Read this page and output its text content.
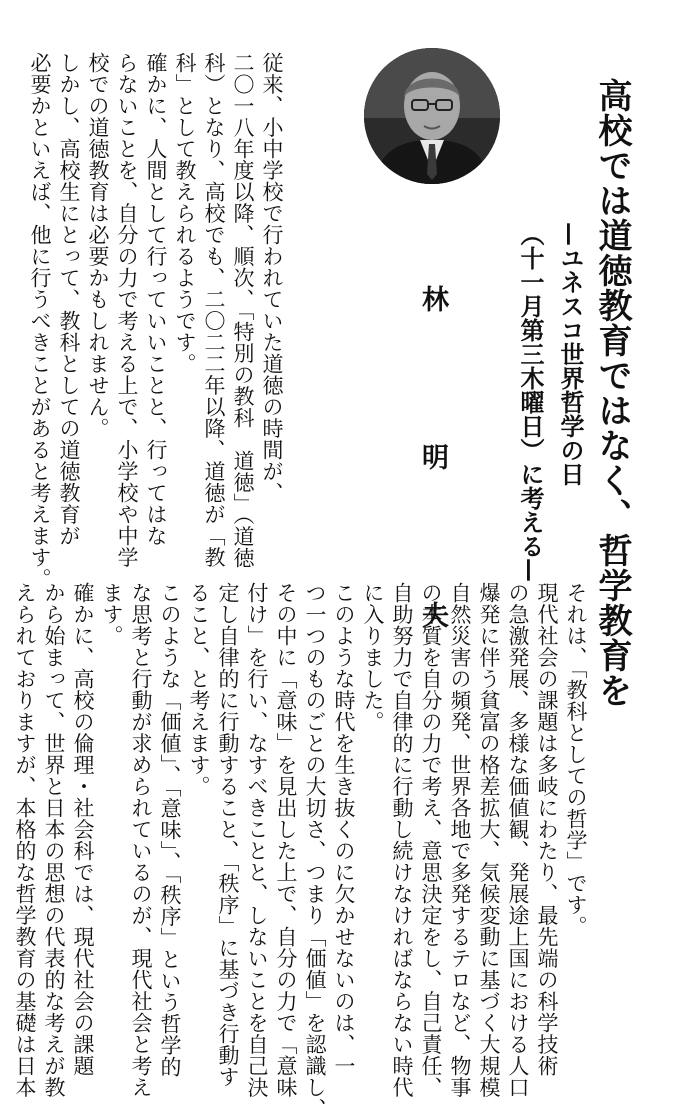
高校では道徳教育ではなく、哲学教育を
—ユネスコ世界哲学の日
（十一月第三木曜日）に考える—
林　明　夫

従来、小中学校で行われていた道徳の時間が、

二〇一八年度以降、順次、「特別の教科　道徳」（道徳

科）となり、高校でも、二〇二二年以降、道徳が「教

科」として教えられるようです。

確かに、人間として行っていいことと、行ってはな

らないことを、自分の力で考える上で、小学校や中学

校での道徳教育は必要かもしれません。

しかし、高校生にとって、教科としての道徳教育が

必要かといえば、他に行うべきことがあると考えます。

それは、「教科としての哲学」です。

現代社会の課題は多岐にわたり、最先端の科学技術

の急激発展、多様な価値観、発展途上国における人口

爆発に伴う貧富の格差拡大、気候変動に基づく大規模

自然災害の頻発、世界各地で多発するテロなど、物事

の本質を自分の力で考え、意思決定をし、自己責任、

自助努力で自律的に行動し続けなければならない時代

に入りました。

このような時代を生き抜くのに欠かせないのは、一

つ一つのものごとの大切さ、つまり「価値」を認識し、

その中に「意味」を見出した上で、自分の力で「意味

付け」を行い、なすべきことと、しないことを自己決

定し自律的に行動すること、「秩序」に基づき行動す

ること、と考えます。

このような「価値」、「意味」、「秩序」という哲学的

な思考と行動が求められているのが、現代社会と考え

ます。

確かに、高校の倫理・社会科では、現代社会の課題

から始まって、世界と日本の思想の代表的な考えが教

えられておりますが、本格的な哲学教育の基礎は日本
